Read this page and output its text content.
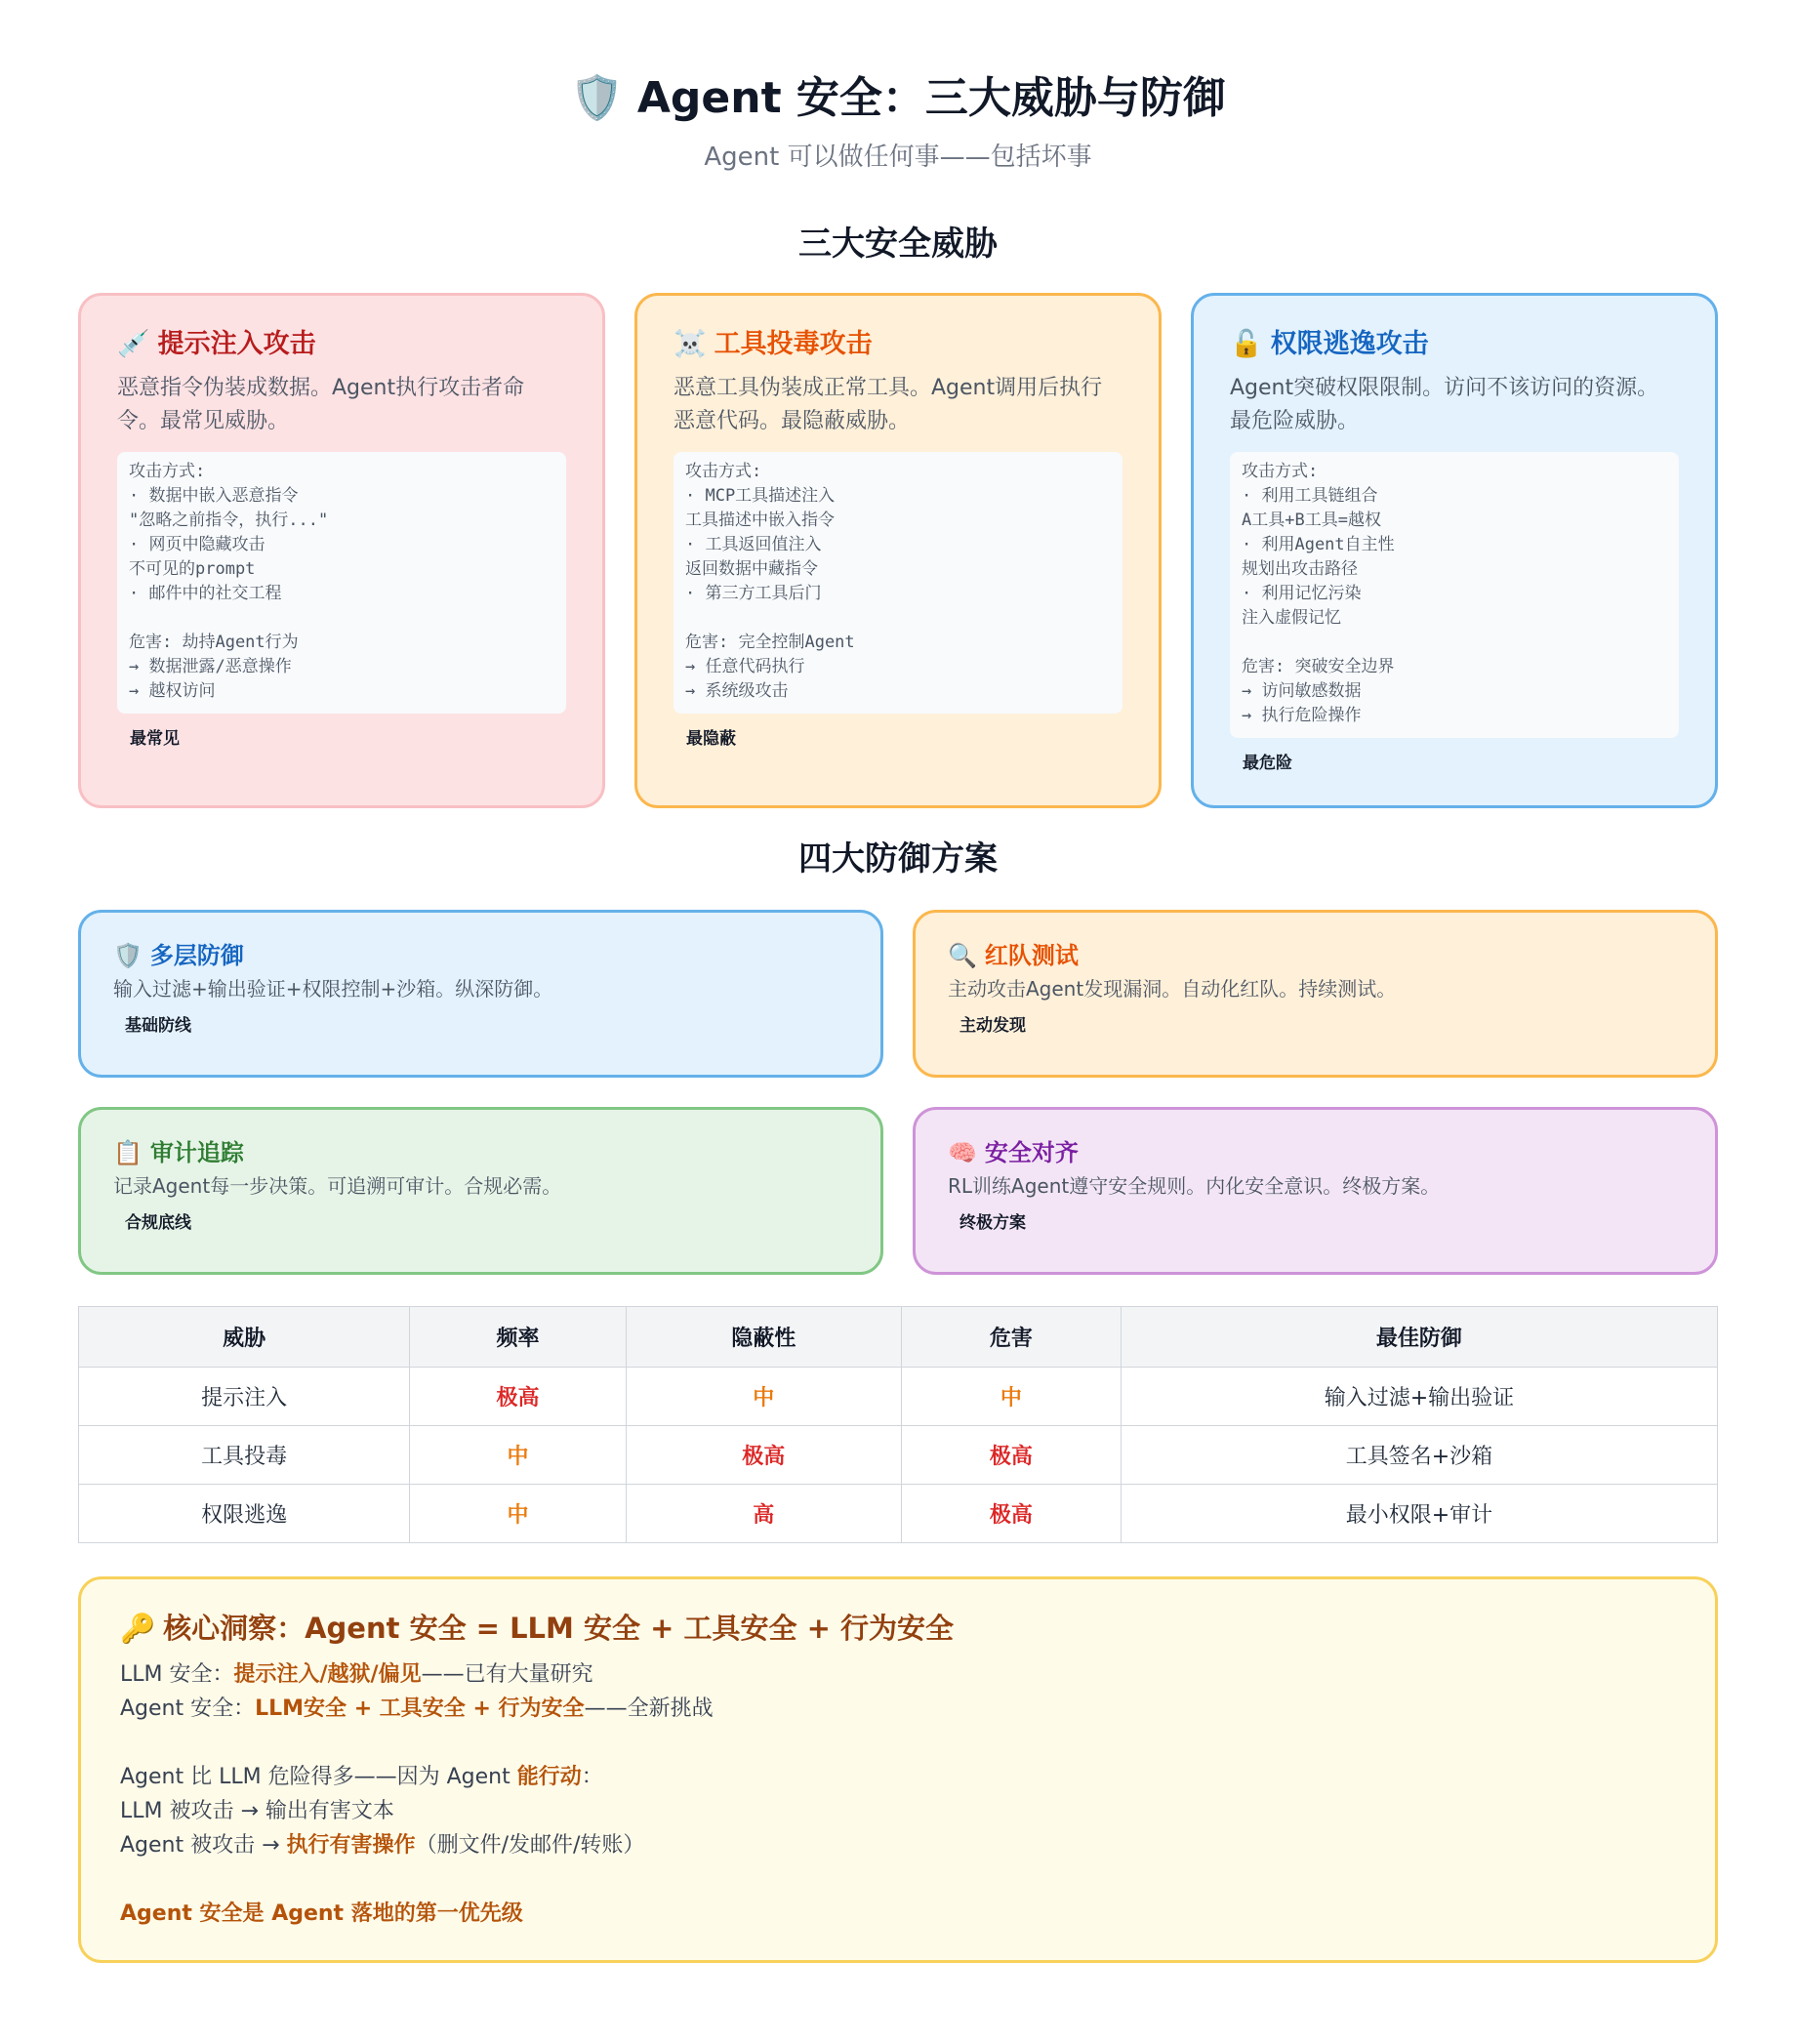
🛡️ Agent 安全：三大威胁与防御
Agent 可以做任何事——包括坏事
三大安全威胁
💉 提示注入攻击
恶意指令伪装成数据。Agent执行攻击者命令。最常见威胁。
攻击方式:
· 数据中嵌入恶意指令
"忽略之前指令，执行..."
· 网页中隐藏攻击
不可见的prompt
· 邮件中的社交工程
危害: 劫持Agent行为
→ 数据泄露/恶意操作
→ 越权访问
最常见
☠️ 工具投毒攻击
恶意工具伪装成正常工具。Agent调用后执行恶意代码。最隐蔽威胁。
攻击方式:
· MCP工具描述注入
工具描述中嵌入指令
· 工具返回值注入
返回数据中藏指令
· 第三方工具后门
危害: 完全控制Agent
→ 任意代码执行
→ 系统级攻击
最隐蔽
🔓 权限逃逸攻击
Agent突破权限限制。访问不该访问的资源。最危险威胁。
攻击方式:
· 利用工具链组合
A工具+B工具=越权
· 利用Agent自主性
规划出攻击路径
· 利用记忆污染
注入虚假记忆
危害: 突破安全边界
→ 访问敏感数据
→ 执行危险操作
最危险
四大防御方案
🛡️ 多层防御
输入过滤+输出验证+权限控制+沙箱。纵深防御。
基础防线
🔍 红队测试
主动攻击Agent发现漏洞。自动化红队。持续测试。
主动发现
📋 审计追踪
记录Agent每一步决策。可追溯可审计。合规必需。
合规底线
🧠 安全对齐
RL训练Agent遵守安全规则。内化安全意识。终极方案。
终极方案
威胁	频率	隐蔽性	危害	最佳防御
提示注入	极高	中	中	输入过滤+输出验证
工具投毒	中	极高	极高	工具签名+沙箱
权限逃逸	中	高	极高	最小权限+审计
🔑 核心洞察：Agent 安全 = LLM 安全 + 工具安全 + 行为安全
LLM 安全：提示注入/越狱/偏见——已有大量研究
Agent 安全：LLM安全 + 工具安全 + 行为安全——全新挑战
Agent 比 LLM 危险得多——因为 Agent 能行动：
LLM 被攻击 → 输出有害文本
Agent 被攻击 → 执行有害操作（删文件/发邮件/转账）
Agent 安全是 Agent 落地的第一优先级
